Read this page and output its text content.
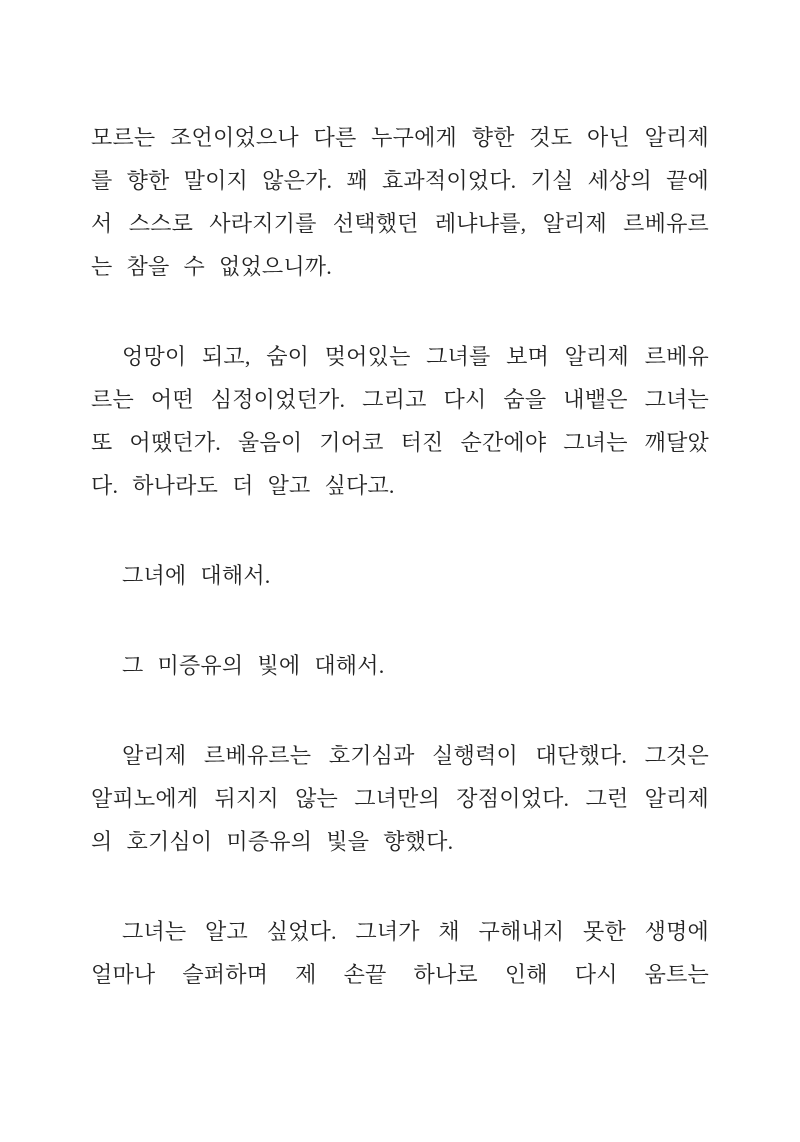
모르는 조언이었으나 다른 누구에게 향한 것도 아닌 알리제를 향한 말이지 않은가. 꽤 효과적이었다. 기실 세상의 끝에서 스스로 사라지기를 선택했던 레냐냐를, 알리제 르베유르는 참을 수 없었으니까.

엉망이 되고, 숨이 멎어있는 그녀를 보며 알리제 르베유르는 어떤 심정이었던가. 그리고 다시 숨을 내뱉은 그녀는 또 어땠던가. 울음이 기어코 터진 순간에야 그녀는 깨달았다. 하나라도 더 알고 싶다고.

그녀에 대해서.

그 미증유의 빛에 대해서.

알리제 르베유르는 호기심과 실행력이 대단했다. 그것은 알피노에게 뒤지지 않는 그녀만의 장점이었다. 그런 알리제의 호기심이 미증유의 빛을 향했다.

그녀는 알고 싶었다. 그녀가 채 구해내지 못한 생명에 얼마나 슬퍼하며 제 손끝 하나로 인해 다시 움트는
